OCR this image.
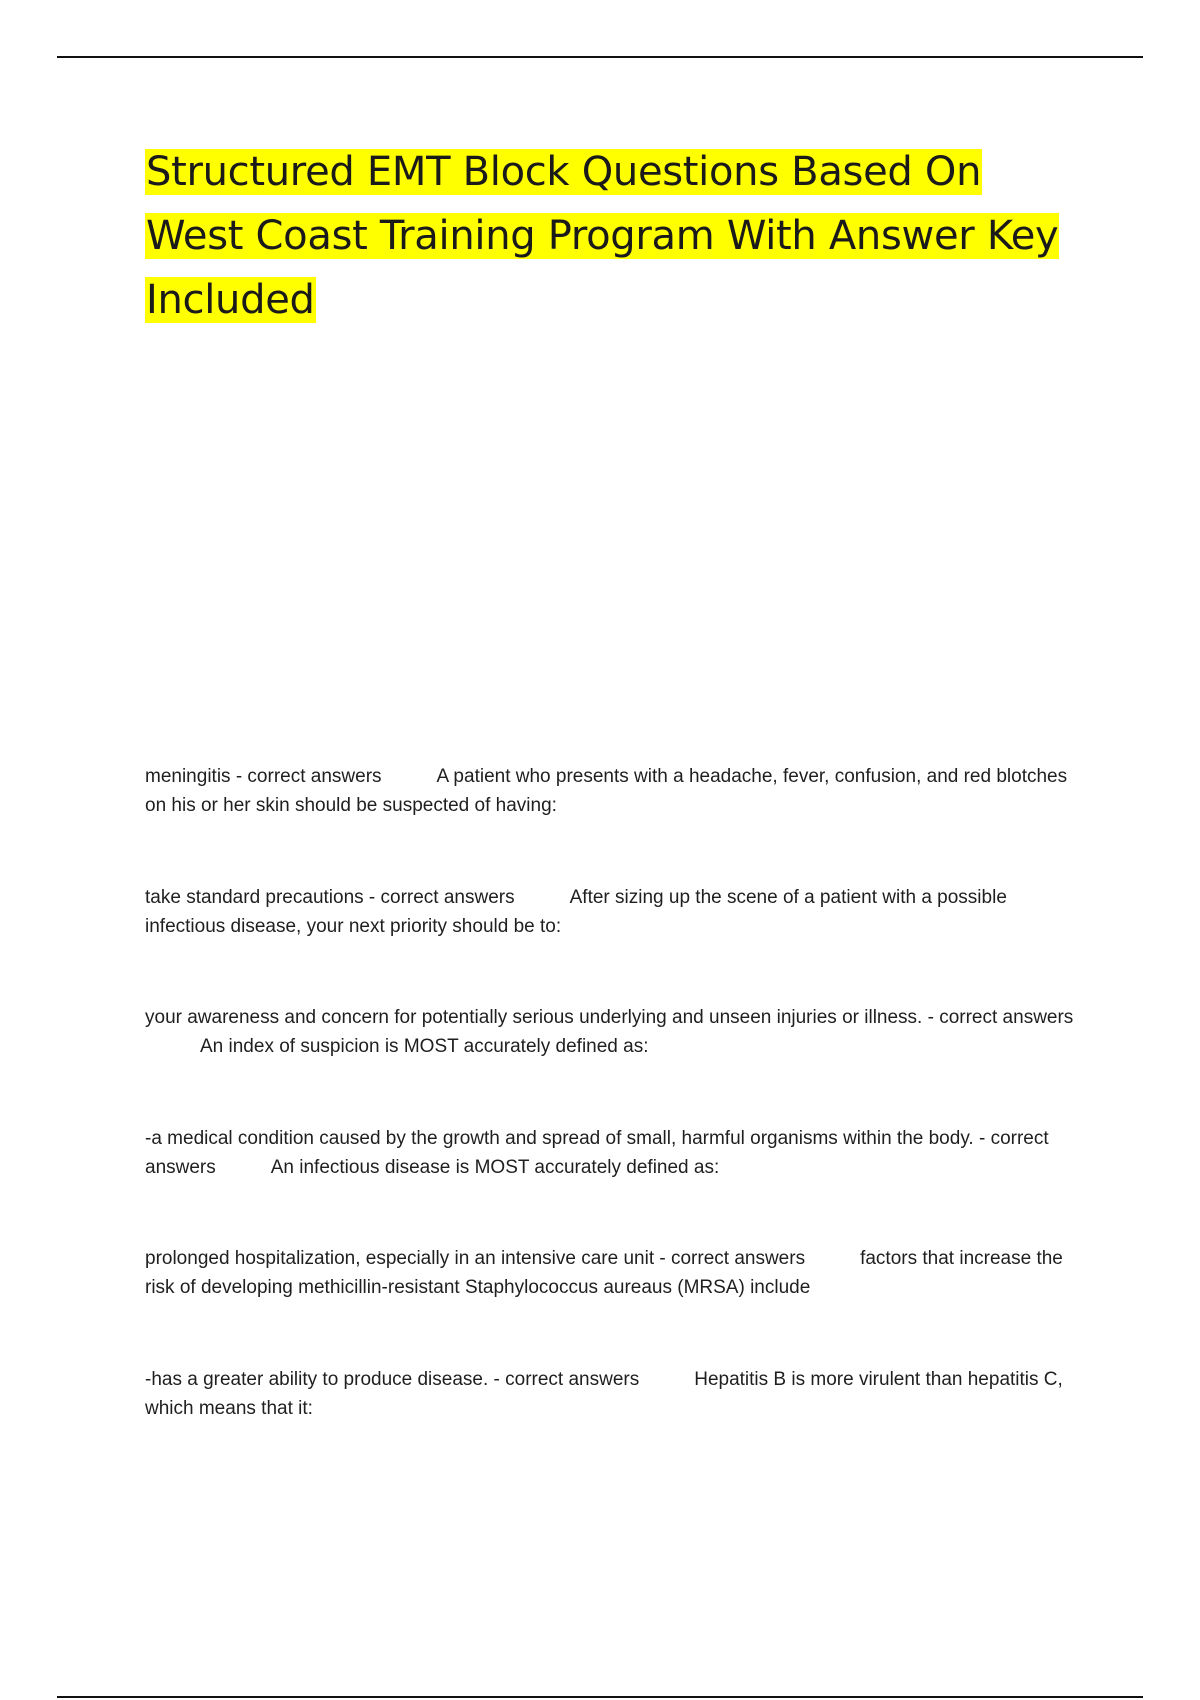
Structured EMT Block Questions Based On West Coast Training Program With Answer Key Included
meningitis - correct answers	A patient who presents with a headache, fever, confusion, and red blotches on his or her skin should be suspected of having:
take standard precautions - correct answers	After sizing up the scene of a patient with a possible infectious disease, your next priority should be to:
your awareness and concern for potentially serious underlying and unseen injuries or illness. - correct answersAn index of suspicion is MOST accurately defined as:
-a medical condition caused by the growth and spread of small, harmful organisms within the body. - correct answers	An infectious disease is MOST accurately defined as:
prolonged hospitalization, especially in an intensive care unit - correct answers	factors that increase the risk of developing methicillin-resistant Staphylococcus aureaus (MRSA) include
-has a greater ability to produce disease. - correct answers	Hepatitis B is more virulent than hepatitis C, which means that it:
